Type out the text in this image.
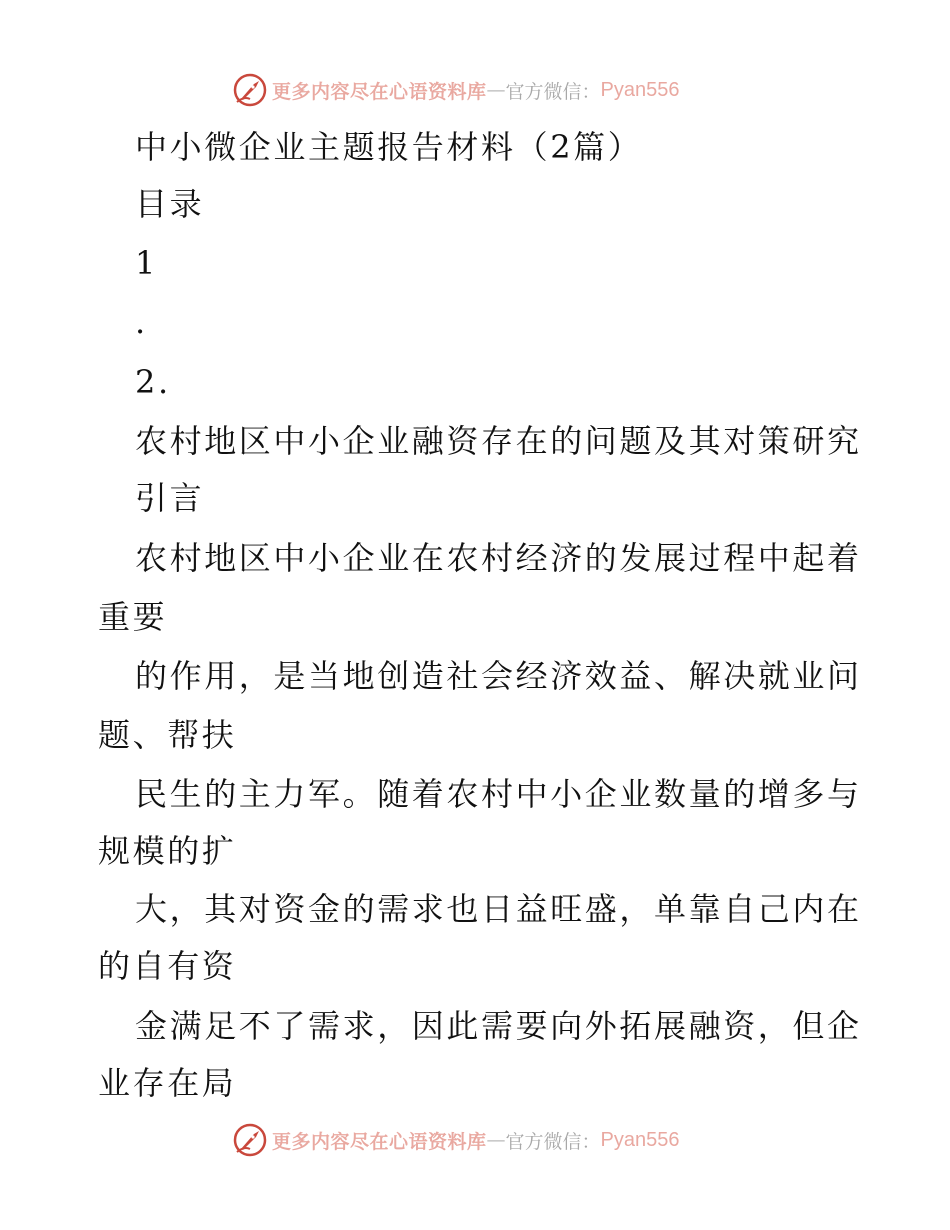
更多内容尽在心语资料库 — 官方微信： Pyan556
中小微企业主题报告材料（2篇）
目录
1
.
2.
农村地区中小企业融资存在的问题及其对策研究
引言
农村地区中小企业在农村经济的发展过程中起着
重要
的作用，是当地创造社会经济效益、解决就业问
题、帮扶
民生的主力军。随着农村中小企业数量的增多与
规模的扩
大，其对资金的需求也日益旺盛，单靠自己内在
的自有资
金满足不了需求，因此需要向外拓展融资，但企
业存在局
更多内容尽在心语资料库 — 官方微信： Pyan556
